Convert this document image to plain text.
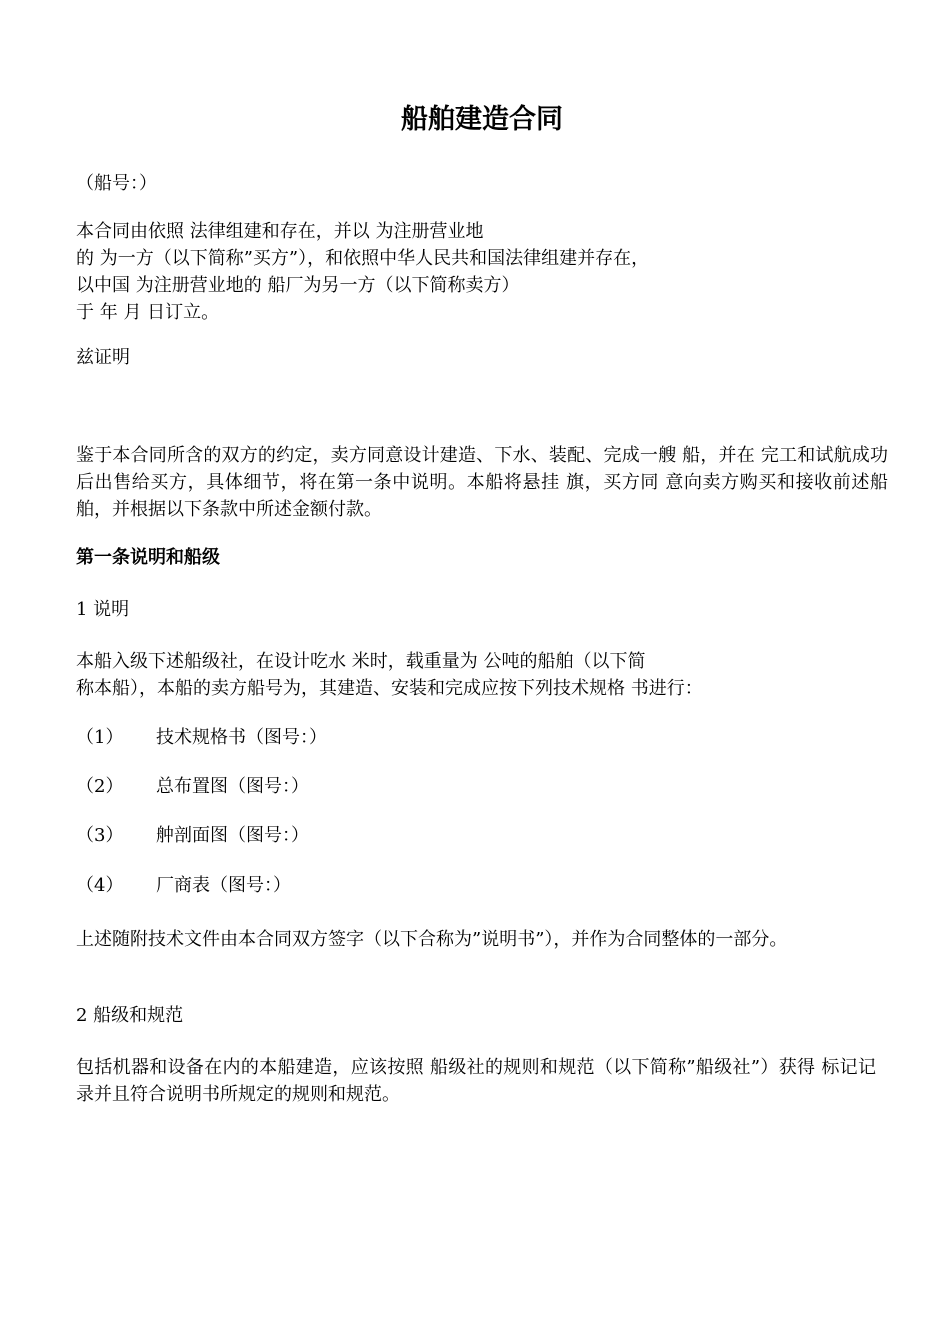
船舶建造合同

（船号：）

本合同由依照 法律组建和存在，并以 为注册营业地
的 为一方（以下简称”买方”），和依照中华人民共和国法律组建并存在，
以中国 为注册营业地的 船厂为另一方（以下简称卖方）
于 年 月 日订立。

兹证明

鉴于本合同所含的双方的约定，卖方同意设计建造、下水、装配、完成一艘 船，并在 完工和试航成功后出售给买方，具体细节，将在第一条中说明。本船将悬挂 旗，买方同 意向卖方购买和接收前述船舶，并根据以下条款中所述金额付款。

第一条说明和船级

1 说明

本船入级下述船级社，在设计吃水 米时，载重量为 公吨的船舶（以下简
称本船），本船的卖方船号为，其建造、安装和完成应按下列技术规格 书进行：

（1） 技术规格书（图号：）

（2） 总布置图（图号：）

（3） 舯剖面图（图号：）

（4） 厂商表（图号：）

上述随附技术文件由本合同双方签字（以下合称为”说明书”），并作为合同整体的一部分。

2 船级和规范

包括机器和设备在内的本船建造，应该按照 船级社的规则和规范（以下简称”船级社”）获得 标记记录并且符合说明书所规定的规则和规范。
